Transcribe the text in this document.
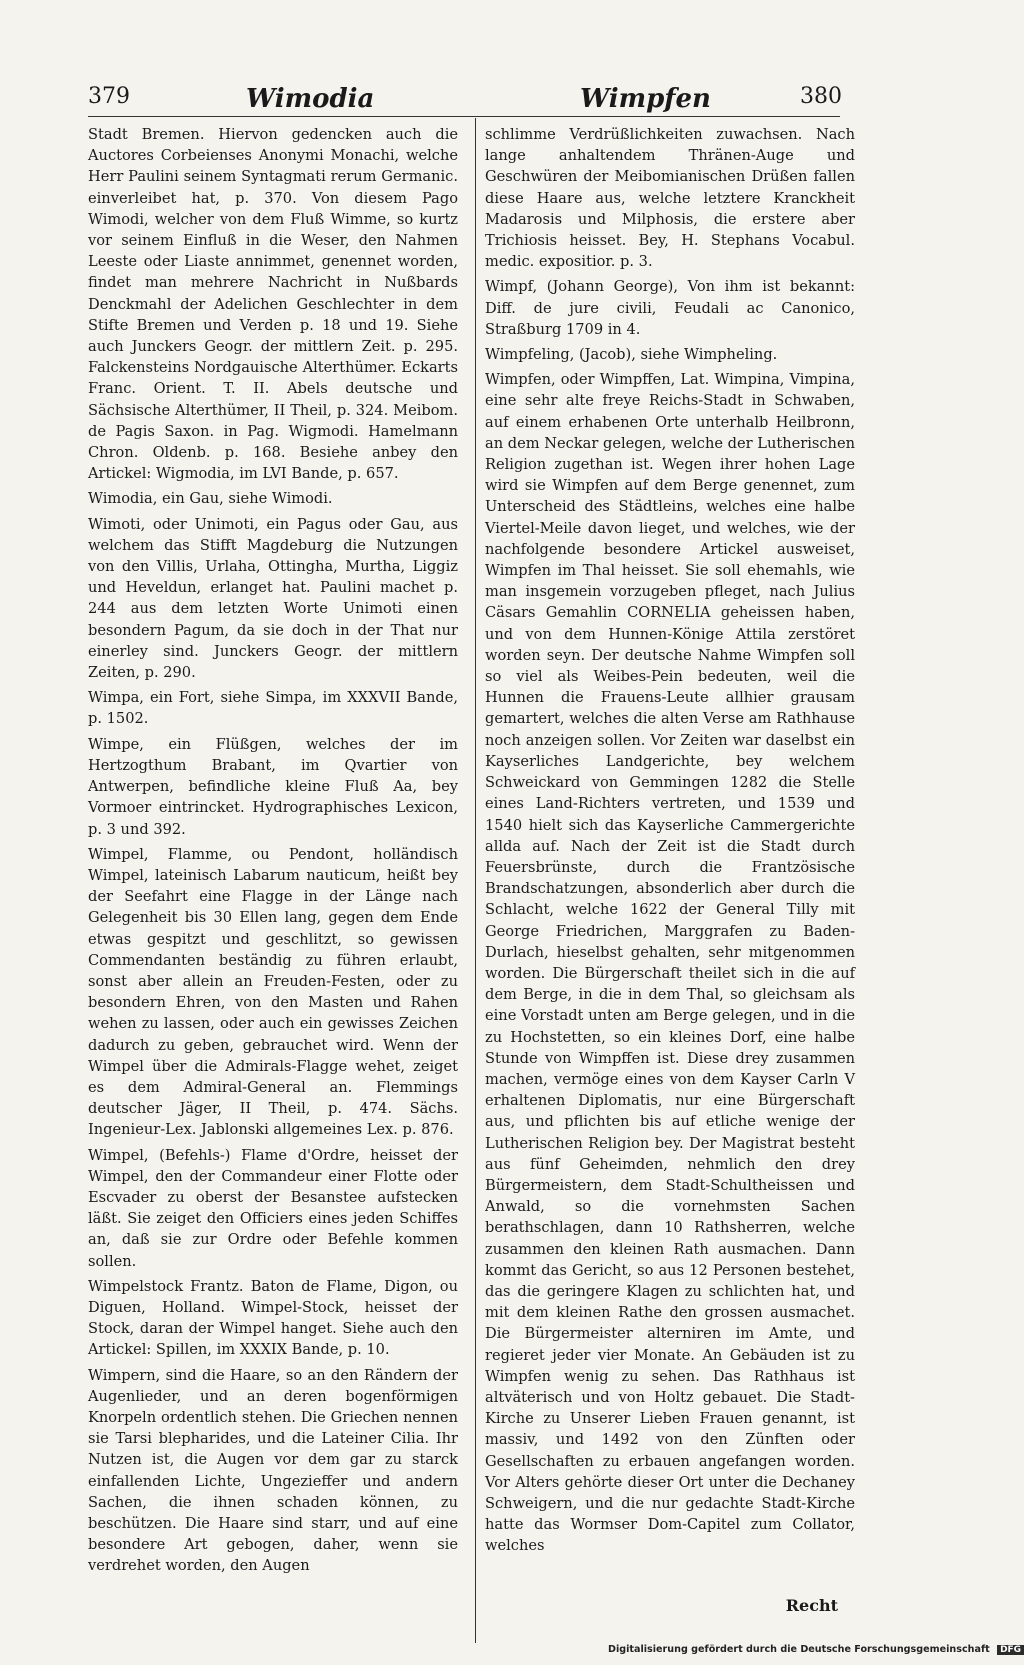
379	Wimodia	Wimpfen	380

Stadt Bremen. Hiervon gedencken auch die Auctores Corbeienses Anonymi Monachi, welche Herr Paulini seinem Syntagmati rerum Germanic. einverleibet hat, p. 370. Von diesem Pago Wimodi, welcher von dem Fluß Wimme, so kurtz vor seinem Einfluß in die Weser, den Nahmen Leeste oder Liaste annimmet, genennet worden, findet man mehrere Nachricht in Nußbards Denckmahl der Adelichen Geschlechter in dem Stifte Bremen und Verden p. 18 und 19. Siehe auch Junckers Geogr. der mittlern Zeit. p. 295. Falckensteins Nordgauische Alterthümer. Eckarts Franc. Orient. T. II. Abels deutsche und Sächsische Alterthümer, II Theil, p. 324. Meibom. de Pagis Saxon. in Pag. Wigmodi. Hamelmann Chron. Oldenb. p. 168. Besiehe anbey den Artickel: Wigmodia, im LVI Bande, p. 657.

Wimodia, ein Gau, siehe Wimodi.

Wimoti, oder Unimoti, ein Pagus oder Gau, aus welchem das Stifft Magdeburg die Nutzungen von den Villis, Urlaha, Ottingha, Murtha, Liggiz und Heveldun, erlanget hat. Paulini machet p. 244 aus dem letzten Worte Unimoti einen besondern Pagum, da sie doch in der That nur einerley sind. Junckers Geogr. der mittlern Zeiten, p. 290.

Wimpa, ein Fort, siehe Simpa, im XXXVII Bande, p. 1502.

Wimpe, ein Flüßgen, welches der im Hertzogthum Brabant, im Qvartier von Antwerpen, befindliche kleine Fluß Aa, bey Vormoer eintrincket. Hydrographisches Lexicon, p. 3 und 392.

Wimpel, Flamme, ou Pendont, holländisch Wimpel, lateinisch Labarum nauticum, heißt bey der Seefahrt eine Flagge in der Länge nach Gelegenheit bis 30 Ellen lang, gegen dem Ende etwas gespitzt und geschlitzt, so gewissen Commendanten beständig zu führen erlaubt, sonst aber allein an Freuden-Festen, oder zu besondern Ehren, von den Masten und Rahen wehen zu lassen, oder auch ein gewisses Zeichen dadurch zu geben, gebrauchet wird. Wenn der Wimpel über die Admirals-Flagge wehet, zeiget es dem Admiral-General an. Flemmings deutscher Jäger, II Theil, p. 474. Sächs. Ingenieur-Lex. Jablonski allgemeines Lex. p. 876.

Wimpel, (Befehls-) Flame d'Ordre, heisset der Wimpel, den der Commandeur einer Flotte oder Escvader zu oberst der Besanstee aufstecken läßt. Sie zeiget den Officiers eines jeden Schiffes an, daß sie zur Ordre oder Befehle kommen sollen.

Wimpelstock Frantz. Baton de Flame, Digon, ou Diguen, Holland. Wimpel-Stock, heisset der Stock, daran der Wimpel hanget. Siehe auch den Artickel: Spillen, im XXXIX Bande, p. 10.

Wimpern, sind die Haare, so an den Rändern der Augenlieder, und an deren bogenförmigen Knorpeln ordentlich stehen. Die Griechen nennen sie Tarsi blepharides, und die Lateiner Cilia. Ihr Nutzen ist, die Augen vor dem gar zu starck einfallenden Lichte, Ungezieffer und andern Sachen, die ihnen schaden können, zu beschützen. Die Haare sind starr, und auf eine besondere Art gebogen, daher, wenn sie verdrehet worden, den Augen

schlimme Verdrüßlichkeiten zuwachsen. Nach lange anhaltendem Thränen-Auge und Geschwüren der Meibomianischen Drüßen fallen diese Haare aus, welche letztere Kranckheit Madarosis und Milphosis, die erstere aber Trichiosis heisset. Bey, H. Stephans Vocabul. medic. expositior. p. 3.

Wimpf, (Johann George), Von ihm ist bekannt: Diff. de jure civili, Feudali ac Canonico, Straßburg 1709 in 4.

Wimpfeling, (Jacob), siehe Wimpheling.

Wimpfen, oder Wimpffen, Lat. Wimpina, Vimpina, eine sehr alte freye Reichs-Stadt in Schwaben, auf einem erhabenen Orte unterhalb Heilbronn, an dem Neckar gelegen, welche der Lutherischen Religion zugethan ist. Wegen ihrer hohen Lage wird sie Wimpfen auf dem Berge genennet, zum Unterscheid des Städtleins, welches eine halbe Viertel-Meile davon lieget, und welches, wie der nachfolgende besondere Artickel ausweiset, Wimpfen im Thal heisset. Sie soll ehemahls, wie man insgemein vorzugeben pfleget, nach Julius Cäsars Gemahlin CORNELIA geheissen haben, und von dem Hunnen-Könige Attila zerstöret worden seyn. Der deutsche Nahme Wimpfen soll so viel als Weibes-Pein bedeuten, weil die Hunnen die Frauens-Leute allhier grausam gemartert, welches die alten Verse am Rathhause noch anzeigen sollen. Vor Zeiten war daselbst ein Kayserliches Landgerichte, bey welchem Schweickard von Gemmingen 1282 die Stelle eines Land-Richters vertreten, und 1539 und 1540 hielt sich das Kayserliche Cammergerichte allda auf. Nach der Zeit ist die Stadt durch Feuersbrünste, durch die Frantzösische Brandschatzungen, absonderlich aber durch die Schlacht, welche 1622 der General Tilly mit George Friedrichen, Marggrafen zu Baden-Durlach, hieselbst gehalten, sehr mitgenommen worden. Die Bürgerschaft theilet sich in die auf dem Berge, in die in dem Thal, so gleichsam als eine Vorstadt unten am Berge gelegen, und in die zu Hochstetten, so ein kleines Dorf, eine halbe Stunde von Wimpffen ist. Diese drey zusammen machen, vermöge eines von dem Kayser Carln V erhaltenen Diplomatis, nur eine Bürgerschaft aus, und pflichten bis auf etliche wenige der Lutherischen Religion bey. Der Magistrat besteht aus fünf Geheimden, nehmlich den drey Bürgermeistern, dem Stadt-Schultheissen und Anwald, so die vornehmsten Sachen berathschlagen, dann 10 Rathsherren, welche zusammen den kleinen Rath ausmachen. Dann kommt das Gericht, so aus 12 Personen bestehet, das die geringere Klagen zu schlichten hat, und mit dem kleinen Rathe den grossen ausmachet. Die Bürgermeister alterniren im Amte, und regieret jeder vier Monate. An Gebäuden ist zu Wimpfen wenig zu sehen. Das Rathhaus ist altväterisch und von Holtz gebauet. Die Stadt-Kirche zu Unserer Lieben Frauen genannt, ist massiv, und 1492 von den Zünften oder Gesellschaften zu erbauen angefangen worden. Vor Alters gehörte dieser Ort unter die Dechaney Schweigern, und die nur gedachte Stadt-Kirche hatte das Wormser Dom-Capitel zum Collator, welches

Recht
Digitalisierung gefördert durch die Deutsche Forschungsgemeinschaft DFG
